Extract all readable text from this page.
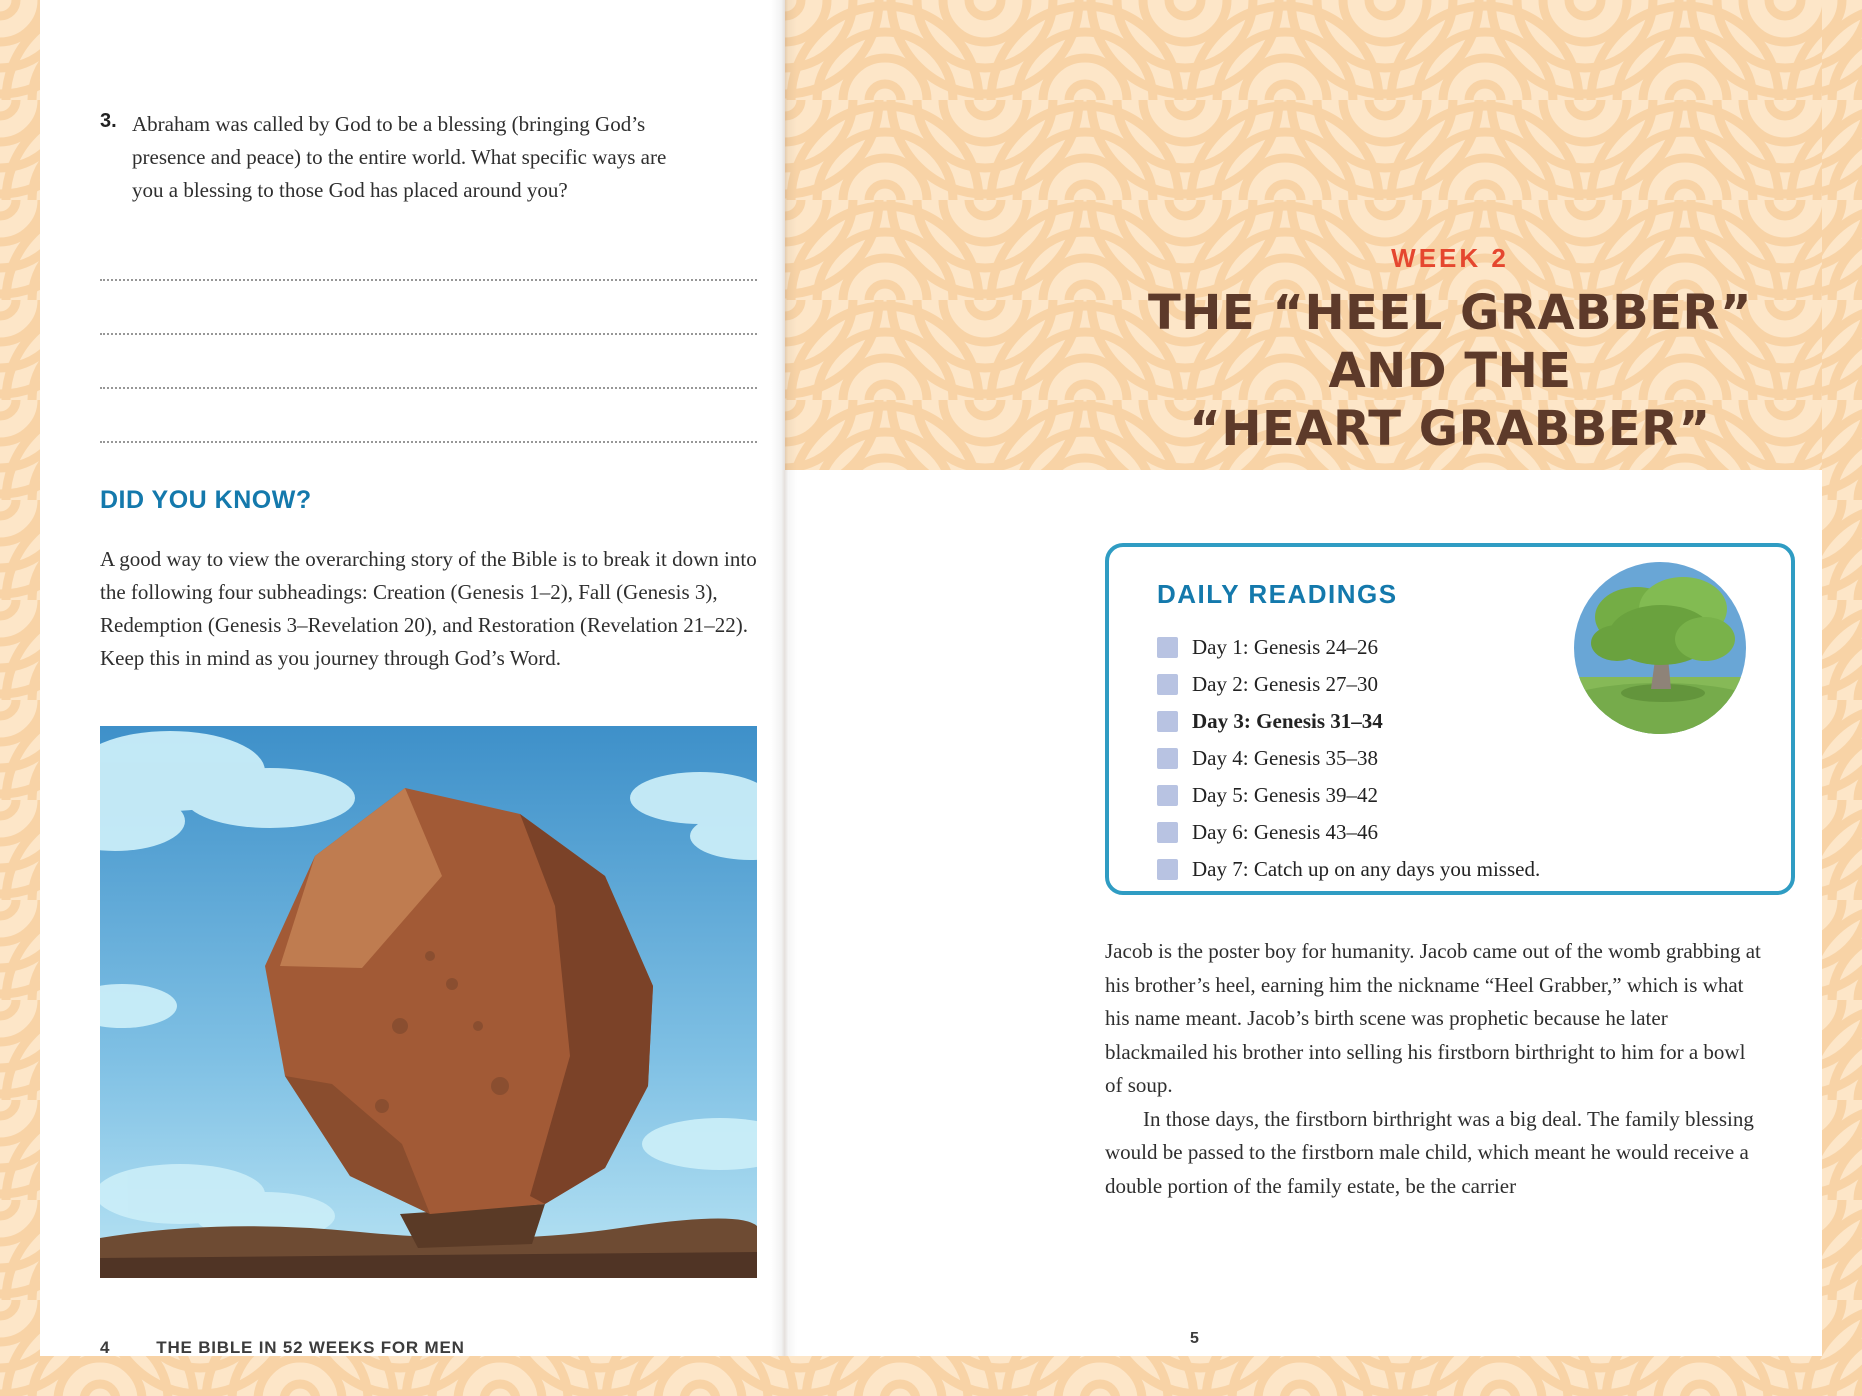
3. Abraham was called by God to be a blessing (bringing God’s presence and peace) to the entire world. What specific ways are you a blessing to those God has placed around you?
DID YOU KNOW?
A good way to view the overarching story of the Bible is to break it down into the following four subheadings: Creation (Genesis 1–2), Fall (Genesis 3), Redemption (Genesis 3–Revelation 20), and Restoration (Revelation 21–22). Keep this in mind as you journey through God’s Word.
4	THE BIBLE IN 52 WEEKS FOR MEN
WEEK 2
THE “HEEL GRABBER”
AND THE
“HEART GRABBER”
DAILY READINGS
Day 1: Genesis 24–26
Day 2: Genesis 27–30
Day 3: Genesis 31–34
Day 4: Genesis 35–38
Day 5: Genesis 39–42
Day 6: Genesis 43–46
Day 7: Catch up on any days you missed.

Jacob is the poster boy for humanity. Jacob came out of the womb grabbing at his brother’s heel, earning him the nickname “Heel Grabber,” which is what his name meant. Jacob’s birth scene was prophetic because he later blackmailed his brother into selling his firstborn birthright to him for a bowl of soup.

In those days, the firstborn birthright was a big deal. The family blessing would be passed to the firstborn male child, which meant he would receive a double portion of the family estate, be the carrier

5
